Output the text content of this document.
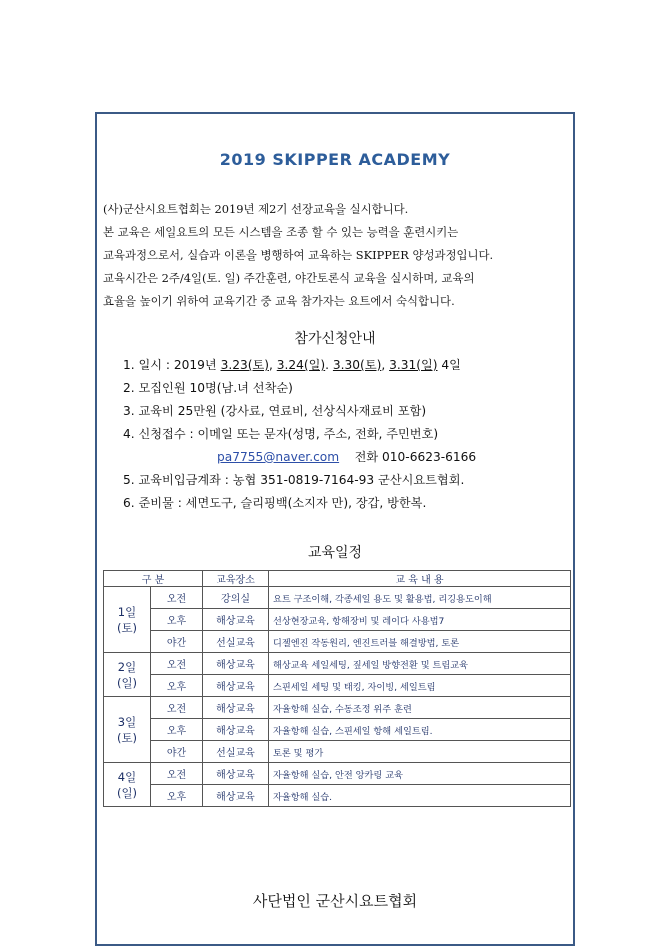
2019 SKIPPER ACADEMY

(사)군산시요트협회는 2019년 제2기 선장교육을 실시합니다.

본 교육은 세일요트의 모든 시스템을 조종 할 수 있는 능력을 훈련시키는

교육과정으로서, 실습과 이론을 병행하여 교육하는 SKIPPER 양성과정입니다.

교육시간은 2주/4일(토. 일) 주간훈련, 야간토론식 교육을 실시하며, 교육의

효율을 높이기 위하여 교육기간 중 교육 참가자는 요트에서 숙식합니다.

참가신청안내
1. 일시 : 2019년 3.23(토), 3.24(일). 3.30(토), 3.31(일) 4일
2. 모집인원 10명(남.녀 선착순)
3. 교육비 25만원 (강사료, 연료비, 선상식사재료비 포함)
4. 신청접수 : 이메일 또는 문자(성명, 주소, 전화, 주민번호)
pa7755@naver.com 전화 010-6623-6166
5. 교육비입금계좌 : 농협 351-0819-7164-93 군산시요트협회.
6. 준비물 : 세면도구, 슬리핑백(소지자 만), 장갑, 방한복.
교육일정
구 분		교육장소	교 육 내 용
1일
(토)	오전	강의실	요트 구조이해, 각종세일 용도 및 활용법, 리깅용도이해
	오후	해상교육	선상현장교육, 항해장비 및 레이다 사용법7
	야간	선실교육	디젤엔진 작동원리, 엔진트러블 해결방법, 토론
2일
(일)	오전	해상교육	해상교육 세일세팅, 짚세일 방향전환 및 트림교육
	오후	해상교육	스핀세일 세팅 및 태킹, 자이빙, 세일트림
3일
(토)	오전	해상교육	자율항해 실습, 수동조정 위주 훈련
	오후	해상교육	자율항해 실습, 스핀세일 항해 세일트림.
	야간	선실교육	토론 및 평가
4일
(일)	오전	해상교육	자율항해 실습, 안전 앙카링 교육
	오후	해상교육	자율항해 실습.
사단법인 군산시요트협회
